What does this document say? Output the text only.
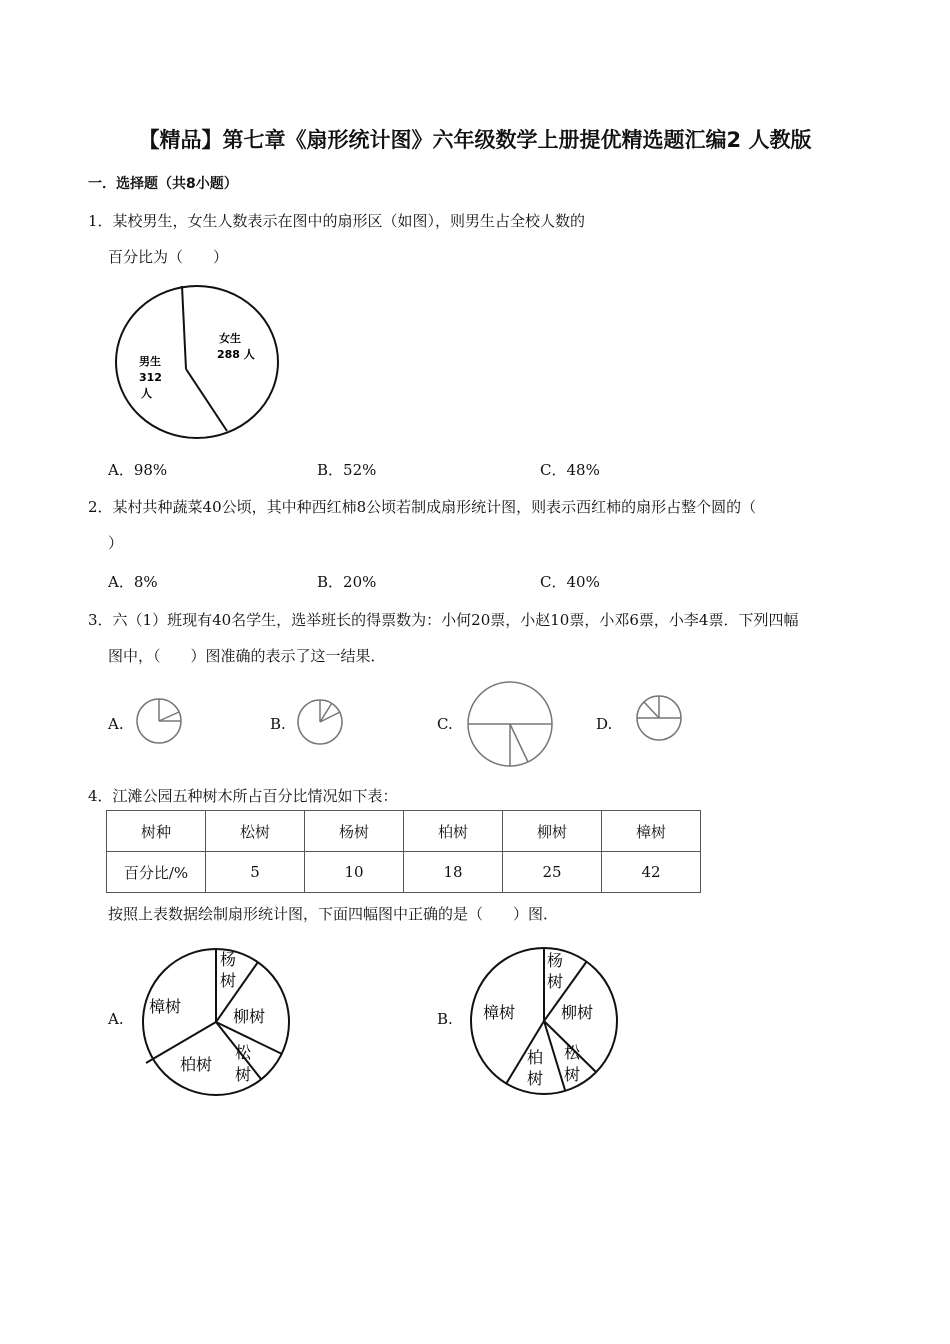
【精品】第七章《扇形统计图》六年级数学上册提优精选题汇编2 人教版
一．选择题（共8小题）
1．某校男生，女生人数表示在图中的扇形区（如图），则男生占全校人数的
百分比为（　　）
女生
288 人
男生
312
人
A．98%	B．52%	C．48%
2．某村共种蔬菜40公顷，其中种西红柿8公顷若制成扇形统计图，则表示西红柿的扇形占整个圆的（
）
A．8%	B．20%	C．40%
3．六（1）班现有40名学生，选举班长的得票数为：小何20票，小赵10票，小邓6票，小李4票．下列四幅
图中，（　　）图准确的表示了这一结果．
A.	B.	C.	D.
4．江滩公园五种树木所占百分比情况如下表：
树种	松树	杨树	柏树	柳树	樟树
百分比/%	5	10	18	25	42
按照上表数据绘制扇形统计图，下面四幅图中正确的是（　　）图．
A.
杨
树
柳树
松
树
柏树
樟树
B.
杨
树
柳树
松
树
柏
树
樟树
